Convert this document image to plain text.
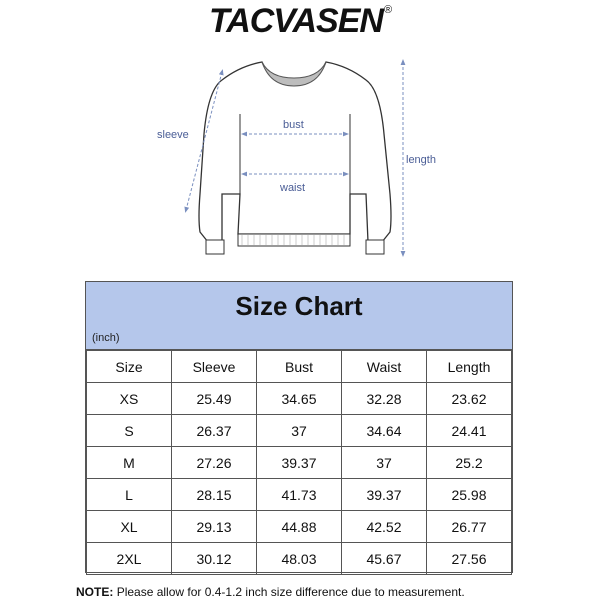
TACVASEN®
sleeve
bust
waist
length
Size Chart
(inch)
Size	Sleeve	Bust	Waist	Length
XS	25.49	34.65	32.28	23.62
S	26.37	37	34.64	24.41
M	27.26	39.37	37	25.2
L	28.15	41.73	39.37	25.98
XL	29.13	44.88	42.52	26.77
2XL	30.12	48.03	45.67	27.56
NOTE: Please allow for 0.4-1.2 inch size difference due to measurement.
